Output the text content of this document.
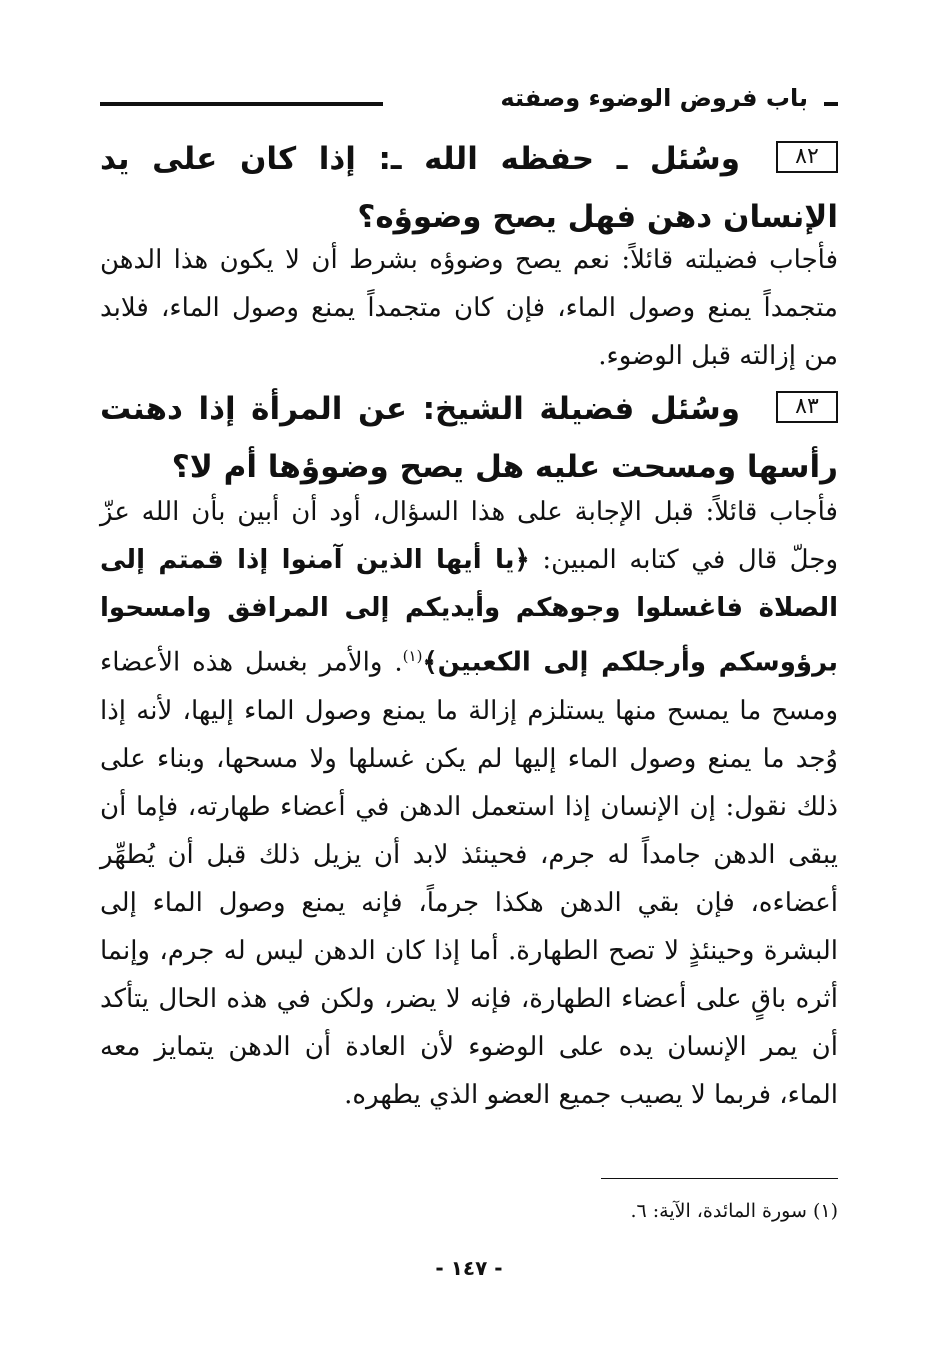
باب فروض الوضوء وصفته
٨٢وسُئل ـ حفظه الله ـ: إذا كان على يد الإنسان دهن فهل يصح وضوؤه؟
فأجاب فضيلته قائلاً: نعم يصح وضوؤه بشرط أن لا يكون هذا الدهن متجمداً يمنع وصول الماء، فإن كان متجمداً يمنع وصول الماء، فلابد من إزالته قبل الوضوء.
٨٣وسُئل فضيلة الشيخ: عن المرأة إذا دهنت رأسها ومسحت عليه هل يصح وضوؤها أم لا؟
فأجاب قائلاً: قبل الإجابة على هذا السؤال، أود أن أبين بأن الله عزّ وجلّ قال في كتابه المبين: ﴿يا أيها الذين آمنوا إذا قمتم إلى الصلاة فاغسلوا وجوهكم وأيديكم إلى المرافق وامسحوا برؤوسكم وأرجلكم إلى الكعبين﴾$^{(١)}$. والأمر بغسل هذه الأعضاء ومسح ما يمسح منها يستلزم إزالة ما يمنع وصول الماء إليها، لأنه إذا وُجد ما يمنع وصول الماء إليها لم يكن غسلها ولا مسحها، وبناء على ذلك نقول: إن الإنسان إذا استعمل الدهن في أعضاء طهارته، فإما أن يبقى الدهن جامداً له جرم، فحينئذ لابد أن يزيل ذلك قبل أن يُطهِّر أعضاءه، فإن بقي الدهن هكذا جرماً، فإنه يمنع وصول الماء إلى البشرة وحينئذٍ لا تصح الطهارة. أما إذا كان الدهن ليس له جرم، وإنما أثره باقٍ على أعضاء الطهارة، فإنه لا يضر، ولكن في هذه الحال يتأكد أن يمر الإنسان يده على الوضوء لأن العادة أن الدهن يتمايز معه الماء، فربما لا يصيب جميع العضو الذي يطهره.
(١) سورة المائدة، الآية: ٦.
- ١٤٧ -
